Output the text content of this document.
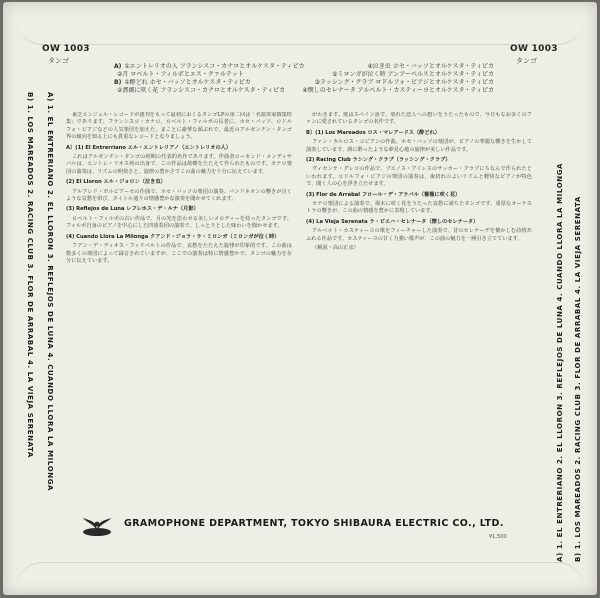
OW 1003
タンゴ
OW 1003
タンゴ
A) ①エントレリオの人 フランシスコ・カナロとオルケスタ・ティピカ	④泣き虫 ホセ・バッソとオルケスタ・ティピカ
②月 ロベルト・フィルポとエス・クァルテット	⑤ミロンガが泣く時 アンアーベルスとオルケスタ・ティピカ
B) ①酔どれ ホセ・バッソとオルケスタ・ティピカ	③ラッシング・クラブ ロドルフォ・ビアジとオルケスタ・ティピカ
②薔薇に咲く花 フランシスコ・カナロとオルケスタ・ティピカ	④懐しのセレナータ アルベルト・カスティーヨとオルケスタ・ティピカ
A) 1. EL ENTRERIANO 2. EL LLORON 3. REFLEJOS DE LUNA 4. CUANDO LLORA LA MILONGA
B) 1. LOS MAREADOS 2. RACING CLUB 3. FLOR DE ARRABAL 4. LA VIEJA SERENATA	A) 1. EL ENTRERIANO 2. EL LLORON 3. REFLEJOS DE LUNA 4. CUANDO LLORA LA MILONGA B) 1. LOS MAREADOS 2. RACING CLUB 3. FLOR DE ARRABAL 4. LA VIEJA SERENATA

東芝エンジェル・レコードが創刊をもって最初におくるタンゴLPの第二回は「名演奏家撰集特集」であります。フランシスコ・カナロ、ロベルト・フィルポの長老に、ホセ・バッソ、ロドルフォ・ビアジなどの人気楽団を加えた、まことに豪華な顔ぶれで、最近のアルゼンチン・タンゴ界の傾向を知る上にも貴重なレコードとなりましょう。

A）(1) El Entrerriano エル・エントレリアノ（エントレリオの人）

これはアルゼンチン・タンゴの初期の代表的名作であります。作曲者ローセンド・メンディサバルは、エントレ・リオス州の出身で、この作品は故郷をたたえて作られたものです。カナロ楽団の演奏は、リズムの明快さと、旋律の豊かさでこの曲の魅力を十分に伝えています。

(2) El Lloron エル・ジョロン（泣き虫）

アルフレド・ボルビアーセの作曲で、ホセ・バッソの楽団の演奏。バンドネオンの響きが泣くような哀愁を帯び、タイトル通りの情感豊かな演奏を聞かせてくれます。

(3) Reflejos de Luna レフレホス・デ・ルナ（月影）

ロベルト・フィルポの古い作品で、月の光を思わせる美しいメロディーを持ったタンゴです。フィルポ自身のピアノを中心にした四重奏団の演奏で、しっとりとした味わいを聞かせます。

(4) Cuando Llora La Milonga クアンド・ジョラ・ラ・ミロンガ（ミロンガが泣く時）

フアン・デ・ディオス・フィリベルトの作品で、哀愁をたたえた旋律が印象的です。この曲は数多くの楽団によって録音されていますが、ここでの演奏は特に情感豊かで、タンゴの魅力を存分に伝えています。

がわきます。歌はスペイン語で、別れた恋人への想いをうたったもので、今日もなお多くのファンに愛されているタンゴの名作です。

B）(1) Los Mareados ロス・マレアードス（酔どれ）

ファン・カルロス・コビアンの作曲。ホセ・バッソの楽団が、ピアノの華麗な響きを生かして演奏しています。酒に酔ったような夢見心地の旋律が美しい作品です。

(2) Racing Club ラシング・クラブ（ラッシング・クラブ）

ヴィセンテ・グレコの作品で、ブエノス・アイレスのサッカー・クラブにちなんで作られたといわれます。ロドルフォ・ビアジの楽団の演奏は、歯切れのよいリズムと軽快なピアノが特色で、聞く人の心を浮き立たせます。

(3) Flor de Arrabal フロール・デ・アラバル（薔薇に咲く花）

カナロ楽団による演奏で、場末に咲く花をうたった哀愁に満ちたタンゴです。重厚なオーケストラの響きが、この曲の情感を豊かに表現しています。

(4) La Vieja Serenata ラ・ビエハ・セレナータ（懐しのセレナータ）

アルベルト・カスティーヨの歌をフィーチャーした演奏で、昔のセレナーデを懐かしむ詩情あふれる作品です。カスティーヨの甘く力強い歌声が、この曲の魅力を一層引き立てています。

（解説・高山正彦）

GRAMOPHONE DEPARTMENT, TOKYO SHIBAURA ELECTRIC CO., LTD.
¥1,500
